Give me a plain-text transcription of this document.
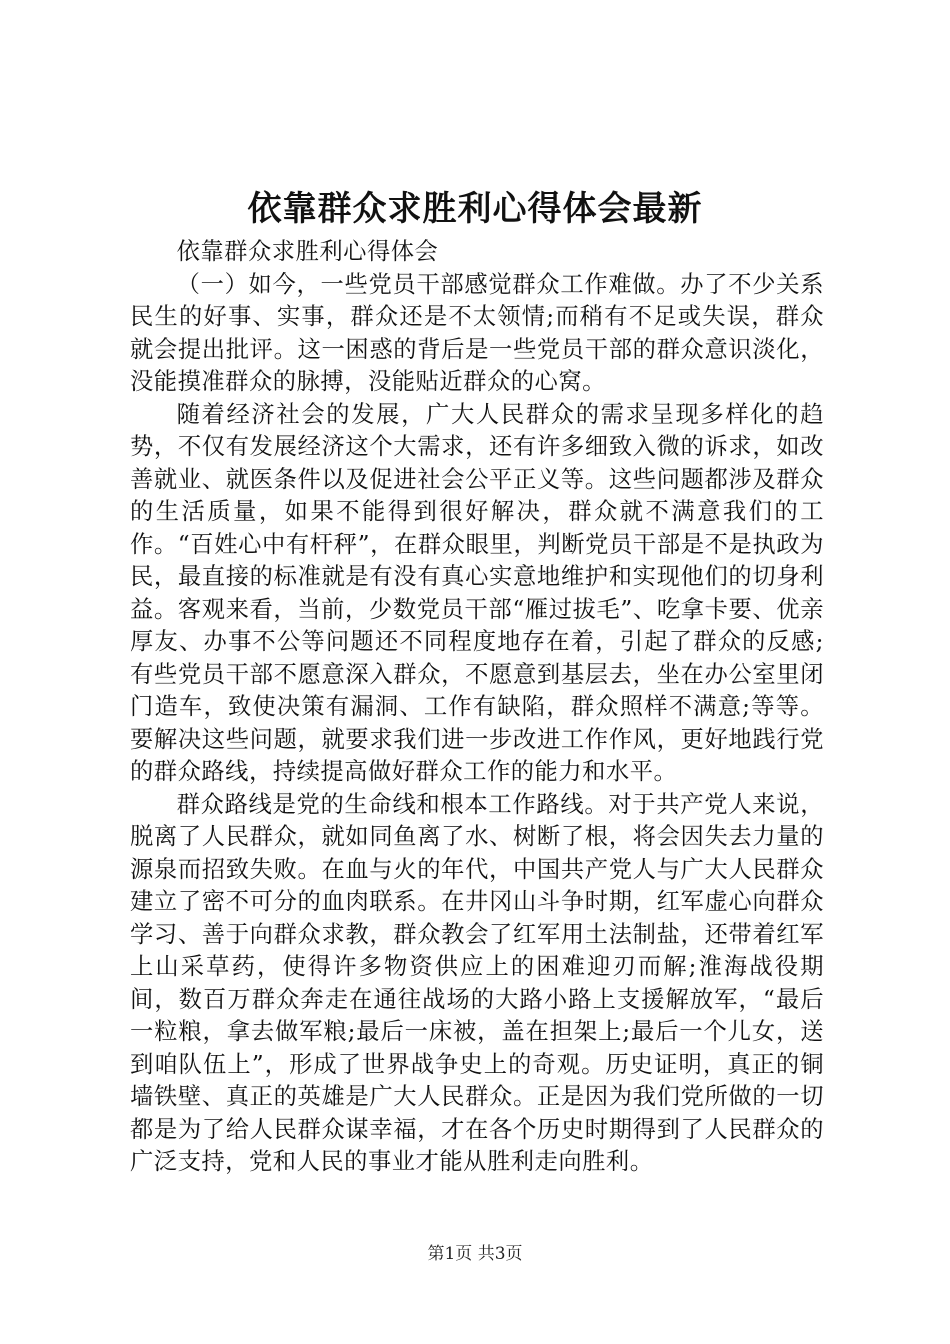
依靠群众求胜利心得体会最新

依靠群众求胜利心得体会

（一）如今，一些党员干部感觉群众工作难做。办了不少关系民生的好事、实事，群众还是不太领情;而稍有不足或失误，群众就会提出批评。这一困惑的背后是一些党员干部的群众意识淡化，没能摸准群众的脉搏，没能贴近群众的心窝。

随着经济社会的发展，广大人民群众的需求呈现多样化的趋势，不仅有发展经济这个大需求，还有许多细致入微的诉求，如改善就业、就医条件以及促进社会公平正义等。这些问题都涉及群众的生活质量，如果不能得到很好解决，群众就不满意我们的工作。“百姓心中有杆秤”，在群众眼里，判断党员干部是不是执政为民，最直接的标准就是有没有真心实意地维护和实现他们的切身利益。客观来看，当前，少数党员干部“雁过拔毛”、吃拿卡要、优亲厚友、办事不公等问题还不同程度地存在着，引起了群众的反感;有些党员干部不愿意深入群众，不愿意到基层去，坐在办公室里闭门造车，致使决策有漏洞、工作有缺陷，群众照样不满意;等等。要解决这些问题，就要求我们进一步改进工作作风，更好地践行党的群众路线，持续提高做好群众工作的能力和水平。

群众路线是党的生命线和根本工作路线。对于共产党人来说，脱离了人民群众，就如同鱼离了水、树断了根，将会因失去力量的源泉而招致失败。在血与火的年代，中国共产党人与广大人民群众建立了密不可分的血肉联系。在井冈山斗争时期，红军虚心向群众学习、善于向群众求教，群众教会了红军用土法制盐，还带着红军上山采草药，使得许多物资供应上的困难迎刃而解;淮海战役期间，数百万群众奔走在通往战场的大路小路上支援解放军，“最后一粒粮，拿去做军粮;最后一床被，盖在担架上;最后一个儿女，送到咱队伍上”，形成了世界战争史上的奇观。历史证明，真正的铜墙铁壁、真正的英雄是广大人民群众。正是因为我们党所做的一切都是为了给人民群众谋幸福，才在各个历史时期得到了人民群众的广泛支持，党和人民的事业才能从胜利走向胜利。

第1页 共3页
